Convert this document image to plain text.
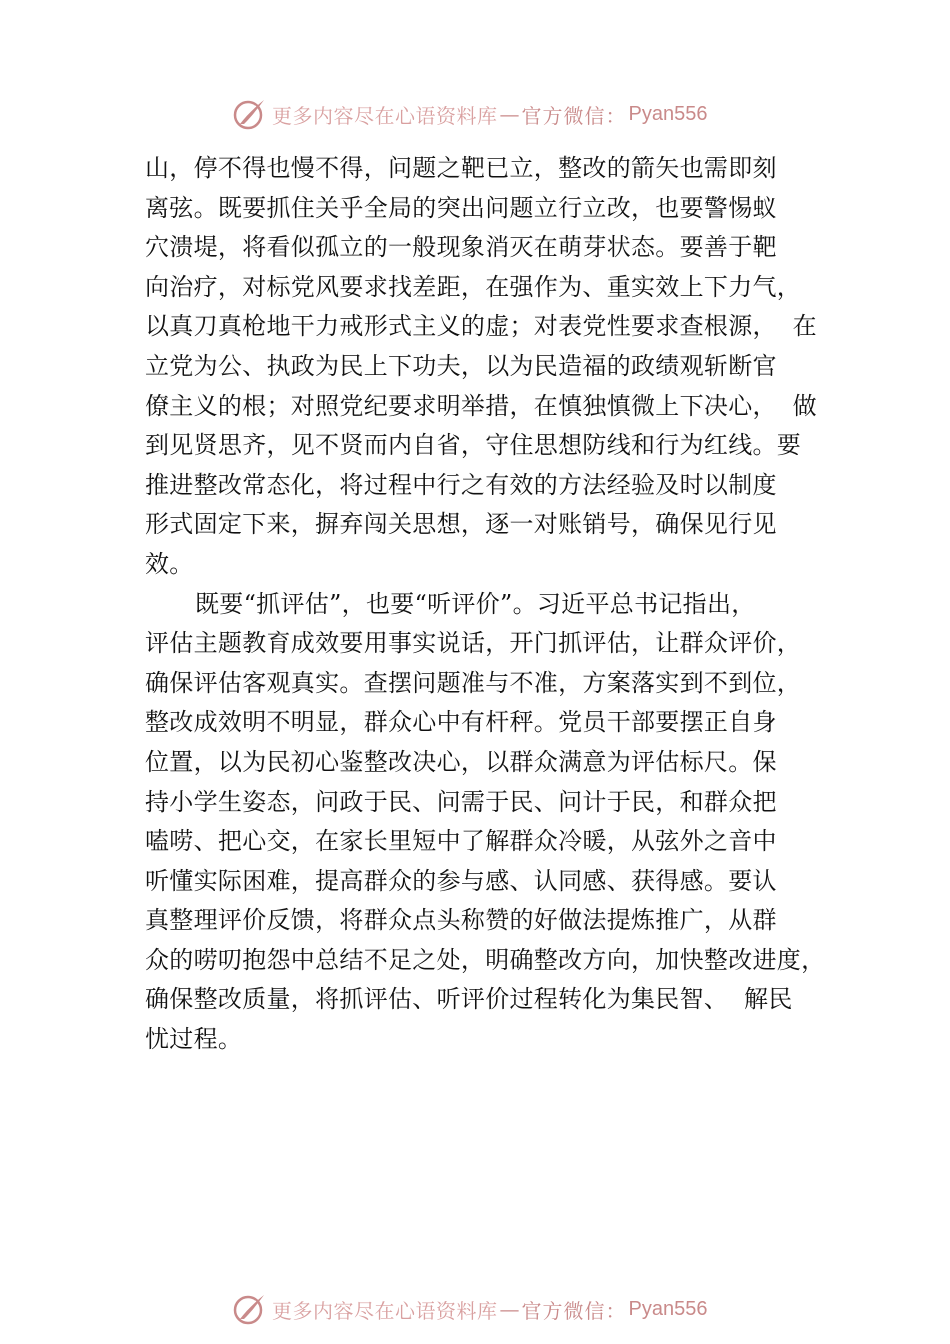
更多内容尽在心语资料库 — 官方微信： Pyan556
山，停不得也慢不得，问题之靶已立，整改的箭矢也需即刻
离弦。既要抓住关乎全局的突出问题立行立改，也要警惕蚁
穴溃堤，将看似孤立的一般现象消灭在萌芽状态。要善于靶
向治疗，对标党风要求找差距，在强作为、重实效上下力气，
以真刀真枪地干力戒形式主义的虚；对表党性要求查根源，  在
立党为公、执政为民上下功夫，以为民造福的政绩观斩断官
僚主义的根；对照党纪要求明举措，在慎独慎微上下决心，  做
到见贤思齐，见不贤而内自省，守住思想防线和行为红线。要
推进整改常态化，将过程中行之有效的方法经验及时以制度
形式固定下来，摒弃闯关思想，逐一对账销号，确保见行见
效。
既要“抓评估”，也要“听评价”。习近平总书记指出，
评估主题教育成效要用事实说话，开门抓评估，让群众评价，
确保评估客观真实。查摆问题准与不准，方案落实到不到位，
整改成效明不明显，群众心中有杆秤。党员干部要摆正自身
位置，以为民初心鉴整改决心，以群众满意为评估标尺。保
持小学生姿态，问政于民、问需于民、问计于民，和群众把
嗑唠、把心交，在家长里短中了解群众冷暖，从弦外之音中
听懂实际困难，提高群众的参与感、认同感、获得感。要认
真整理评价反馈，将群众点头称赞的好做法提炼推广，从群
众的唠叨抱怨中总结不足之处，明确整改方向，加快整改进度，
确保整改质量，将抓评估、听评价过程转化为集民智、  解民
忧过程。
更多内容尽在心语资料库 — 官方微信： Pyan556
